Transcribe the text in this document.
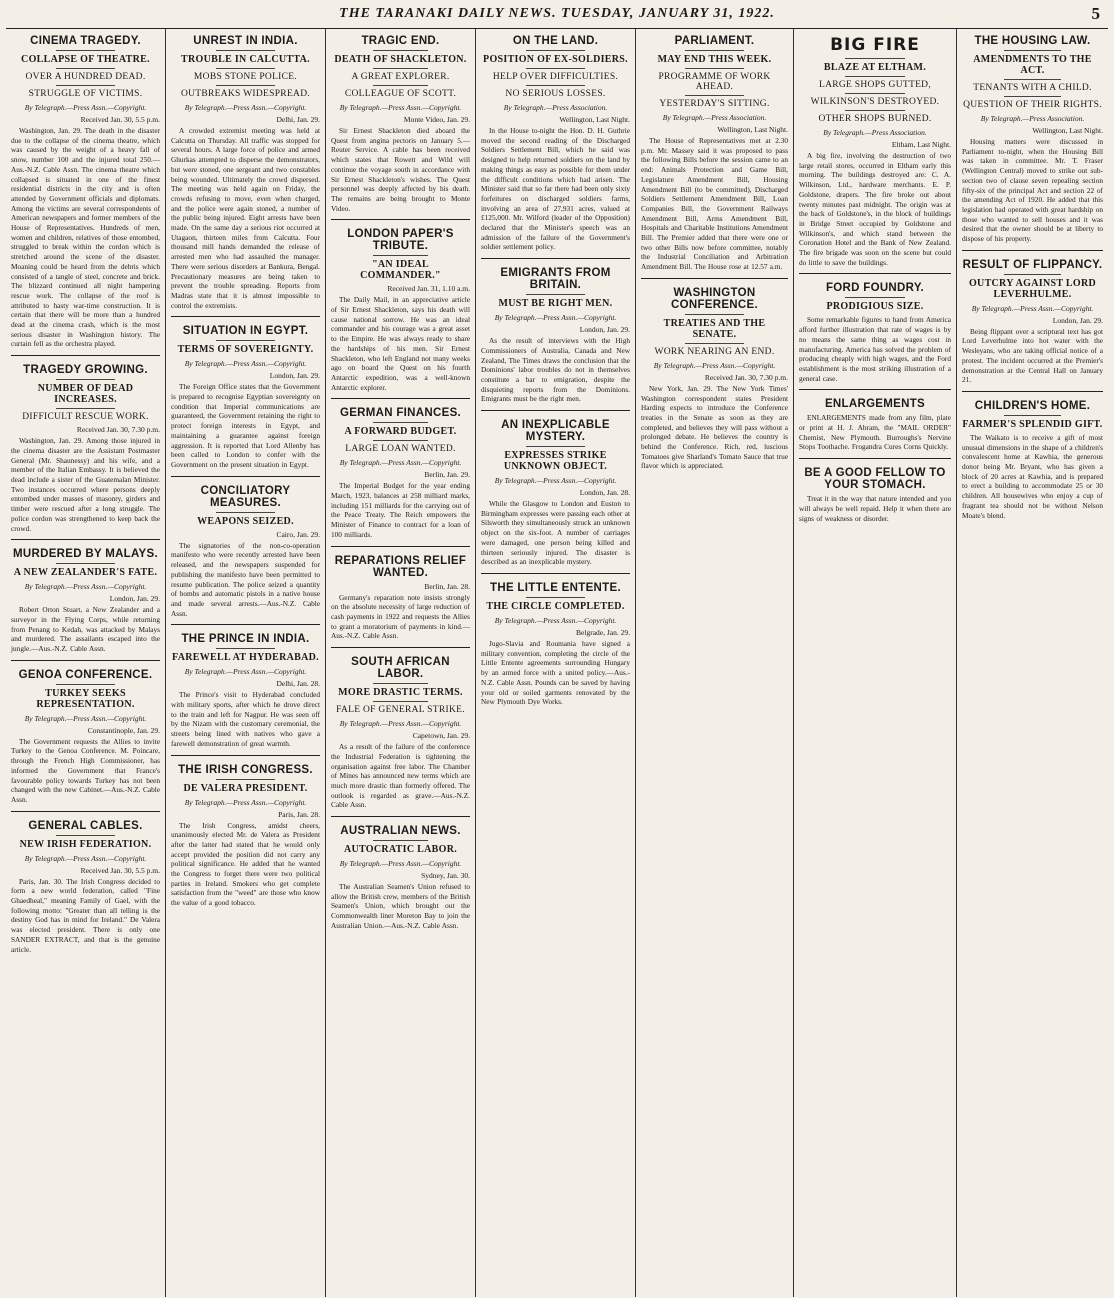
THE TARANAKI DAILY NEWS. TUESDAY, JANUARY 31, 1922.	5
CINEMA TRAGEDY.
COLLAPSE OF THEATRE.
OVER A HUNDRED DEAD.
STRUGGLE OF VICTIMS.
By Telegraph.—Press Assn.—Copyright.
Received Jan. 30, 5.5 p.m.

Washington, Jan. 29. The death in the disaster due to the collapse of the cinema theatre, which was caused by the weight of a heavy fall of snow, number 100 and the injured total 250.—Aus.-N.Z. Cable Assn. The cinema theatre which collapsed is situated in one of the finest residential districts in the city and is often attended by Government officials and diplomats. Among the victims are several correspondents of American newspapers and former members of the House of Representatives. Hundreds of men, women and children, relatives of those entombed, struggled to break within the cordon which is stretched around the scene of the disaster. Moaning could be heard from the debris which consisted of a tangle of steel, concrete and brick. The blizzard continued all night hampering rescue work. The collapse of the roof is attributed to hasty war-time construction. It is certain that there will be more than a hundred dead at the cinema crash, which is the most serious disaster in Washington history. The curtain fell as the orchestra played.

TRAGEDY GROWING.
NUMBER OF DEAD INCREASES.
DIFFICULT RESCUE WORK.
Received Jan. 30, 7.30 p.m.

Washington, Jan. 29. Among those injured in the cinema disaster are the Assistant Postmaster General (Mr. Shaunessy) and his wife, and a member of the Italian Embassy. It is believed the dead include a sister of the Guatemalan Minister. Two instances occurred where persons deeply entombed under masses of masonry, girders and timber were rescued after a long struggle. The police cordon was strengthened to keep back the crowd.

MURDERED BY MALAYS.
A NEW ZEALANDER'S FATE.
By Telegraph.—Press Assn.—Copyright.
London, Jan. 29.

Robert Orton Stuart, a New Zealander and a surveyor in the Flying Corps, while returning from Penang to Kedah, was attacked by Malays and murdered. The assailants escaped into the jungle.—Aus.-N.Z. Cable Assn.

GENOA CONFERENCE.
TURKEY SEEKS REPRESENTATION.
By Telegraph.—Press Assn.—Copyright.
Constantinople, Jan. 29.

The Government requests the Allies to invite Turkey to the Genoa Conference. M. Poincare, through the French High Commissioner, has informed the Government that France's favourable policy towards Turkey has not been changed with the new Cabinet.—Aus.-N.Z. Cable Assn.

GENERAL CABLES.
NEW IRISH FEDERATION.
By Telegraph.—Press Assn.—Copyright.
Received Jan. 30, 5.5 p.m.

Paris, Jan. 30. The Irish Congress decided to form a new world federation, called "Fine Ghaedheal," meaning Family of Gael, with the following motto: "Greater than all telling is the destiny God has in mind for Ireland." De Valera was elected president. There is only one SANDER EXTRACT, and that is the genuine article.

UNREST IN INDIA.
TROUBLE IN CALCUTTA.
MOBS STONE POLICE.
OUTBREAKS WIDESPREAD.
By Telegraph.—Press Assn.—Copyright.
Delhi, Jan. 29.

A crowded extremist meeting was held at Calcutta on Thursday. All traffic was stopped for several hours. A large force of police and armed Ghurkas attempted to disperse the demonstrators, but were stoned, one sergeant and two constables being wounded. Ultimately the crowd dispersed. The meeting was held again on Friday, the crowds refusing to move, even when charged, and the police were again stoned, a number of the public being injured. Eight arrests have been made. On the same day a serious riot occurred at Utagaon, thirteen miles from Calcutta. Four thousand mill hands demanded the release of arrested men who had assaulted the manager. There were serious disorders at Bankura, Bengal. Precautionary measures are being taken to prevent the trouble spreading. Reports from Madras state that it is almost impossible to control the extremists.

SITUATION IN EGYPT.
TERMS OF SOVEREIGNTY.
By Telegraph.—Press Assn.—Copyright.
London, Jan. 29.

The Foreign Office states that the Government is prepared to recognise Egyptian sovereignty on condition that Imperial communications are guaranteed, the Government retaining the right to protect foreign interests in Egypt, and maintaining a guarantee against foreign aggression. It is reported that Lord Allenby has been called to London to confer with the Government on the present situation in Egypt.

CONCILIATORY MEASURES.
WEAPONS SEIZED.
Cairo, Jan. 29.

The signatories of the non-co-operation manifesto who were recently arrested have been released, and the newspapers suspended for publishing the manifesto have been permitted to resume publication. The police seized a quantity of bombs and automatic pistols in a native house and made several arrests.—Aus.-N.Z. Cable Assn.

THE PRINCE IN INDIA.
FAREWELL AT HYDERABAD.
By Telegraph.—Press Assn.—Copyright.
Delhi, Jan. 28.

The Prince's visit to Hyderabad concluded with military sports, after which he drove direct to the train and left for Nagpur. He was seen off by the Nizam with the customary ceremonial, the streets being lined with natives who gave a farewell demonstration of great warmth.

THE IRISH CONGRESS.
DE VALERA PRESIDENT.
By Telegraph.—Press Assn.—Copyright.
Paris, Jan. 28.

The Irish Congress, amidst cheers, unanimously elected Mr. de Valera as President after the latter had stated that he would only accept provided the position did not carry any political significance. He added that he wanted the Congress to forget there were two political parties in Ireland. Smokers who get complete satisfaction from the "weed" are those who know the value of a good tobacco.

TRAGIC END.
DEATH OF SHACKLETON.
A GREAT EXPLORER.
COLLEAGUE OF SCOTT.
By Telegraph.—Press Assn.—Copyright.
Monte Video, Jan. 29.

Sir Ernest Shackleton died aboard the Quest from angina pectoris on January 5.—Reuter Service. A cable has been received which states that Rowett and Wild will continue the voyage south in accordance with Sir Ernest Shackleton's wishes. The Quest personnel was deeply affected by his death. The remains are being brought to Monte Video.

LONDON PAPER'S TRIBUTE.
"AN IDEAL COMMANDER."
Received Jan. 31, 1.10 a.m.

The Daily Mail, in an appreciative article of Sir Ernest Shackleton, says his death will cause national sorrow. He was an ideal commander and his courage was a great asset to the Empire. He was always ready to share the hardships of his men. Sir Ernest Shackleton, who left England not many weeks ago on board the Quest on his fourth Antarctic expedition, was a well-known Antarctic explorer.

GERMAN FINANCES.
A FORWARD BUDGET.
LARGE LOAN WANTED.
By Telegraph.—Press Assn.—Copyright.
Berlin, Jan. 29.

The Imperial Budget for the year ending March, 1923, balances at 258 milliard marks, including 151 milliards for the carrying out of the Peace Treaty. The Reich empowers the Minister of Finance to contract for a loan of 100 milliards.

REPARATIONS RELIEF WANTED.
Berlin, Jan. 28.

Germany's reparation note insists strongly on the absolute necessity of large reduction of cash payments in 1922 and requests the Allies to grant a moratorium of payments in kind.—Aus.-N.Z. Cable Assn.

SOUTH AFRICAN LABOR.
MORE DRASTIC TERMS.
FALE OF GENERAL STRIKE.
By Telegraph.—Press Assn.—Copyright.
Capetown, Jan. 29.

As a result of the failure of the conference the Industrial Federation is tightening the organisation against free labor. The Chamber of Mines has announced new terms which are much more drastic than formerly offered. The outlook is regarded as grave.—Aus.-N.Z. Cable Assn.

AUSTRALIAN NEWS.
AUTOCRATIC LABOR.
By Telegraph.—Press Assn.—Copyright.
Sydney, Jan. 30.

The Australian Seamen's Union refused to allow the British crew, members of the British Seamen's Union, which brought out the Commonwealth liner Moreton Bay to join the Australian Union.—Aus.-N.Z. Cable Assn.

ON THE LAND.
POSITION OF EX-SOLDIERS.
HELP OVER DIFFICULTIES.
NO SERIOUS LOSSES.
By Telegraph.—Press Association.
Wellington, Last Night.

In the House to-night the Hon. D. H. Guthrie moved the second reading of the Discharged Soldiers Settlement Bill, which he said was designed to help returned soldiers on the land by making things as easy as possible for them under the difficult conditions which had arisen. The Minister said that so far there had been only sixty forfeitures on discharged soldiers farms, involving an area of 27,931 acres, valued at £125,000. Mr. Wilford (leader of the Opposition) declared that the Minister's speech was an admission of the failure of the Government's soldier settlement policy.

EMIGRANTS FROM BRITAIN.
MUST BE RIGHT MEN.
By Telegraph.—Press Assn.—Copyright.
London, Jan. 29.

As the result of interviews with the High Commissioners of Australia, Canada and New Zealand, The Times draws the conclusion that the Dominions' labor troubles do not in themselves constitute a bar to emigration, despite the disquieting reports from the Dominions. Emigrants must be the right men.

AN INEXPLICABLE MYSTERY.
EXPRESSES STRIKE UNKNOWN OBJECT.
By Telegraph.—Press Assn.—Copyright.
London, Jan. 28.

While the Glasgow to London and Euston to Birmingham expresses were passing each other at Silsworth they simultaneously struck an unknown object on the six-foot. A number of carriages were damaged, one person being killed and thirteen seriously injured. The disaster is described as an inexplicable mystery.

THE LITTLE ENTENTE.
THE CIRCLE COMPLETED.
By Telegraph.—Press Assn.—Copyright.
Belgrade, Jan. 29.

Jugo-Slavia and Roumania have signed a military convention, completing the circle of the Little Entente agreements surrounding Hungary by an armed force with a united policy.—Aus.-N.Z. Cable Assn. Pounds can be saved by having your old or soiled garments renovated by the New Plymouth Dye Works.

PARLIAMENT.
MAY END THIS WEEK.
PROGRAMME OF WORK AHEAD.
YESTERDAY'S SITTING.
By Telegraph.—Press Association.
Wellington, Last Night.

The House of Representatives met at 2.30 p.m. Mr. Massey said it was proposed to pass the following Bills before the session came to an end: Animals Protection and Game Bill, Legislature Amendment Bill, Housing Amendment Bill (to be committed), Discharged Soldiers Settlement Amendment Bill, Loan Companies Bill, the Government Railways Amendment Bill, Arms Amendment Bill, Hospitals and Charitable Institutions Amendment Bill. The Premier added that there were one or two other Bills now before committee, notably the Industrial Conciliation and Arbitration Amendment Bill. The House rose at 12.57 a.m.

WASHINGTON CONFERENCE.
TREATIES AND THE SENATE.
WORK NEARING AN END.
By Telegraph.—Press Assn.—Copyright.
Received Jan. 30, 7.30 p.m.

New York, Jan. 29. The New York Times' Washington correspondent states President Harding expects to introduce the Conference treaties in the Senate as soon as they are completed, and believes they will pass without a prolonged debate. He believes the country is behind the Conference. Rich, red, luscious Tomatoes give Sharland's Tomato Sauce that true flavor which is appreciated.

BIG FIRE
BLAZE AT ELTHAM.
LARGE SHOPS GUTTED,
WILKINSON'S DESTROYED.
OTHER SHOPS BURNED.
By Telegraph.—Press Association.
Eltham, Last Night.

A big fire, involving the destruction of two large retail stores, occurred in Eltham early this morning. The buildings destroyed are: C. A. Wilkinson, Ltd., hardware merchants. E. P. Goldstone, drapers. The fire broke out about twenty minutes past midnight. The origin was at the back of Goldstone's, in the block of buildings in Bridge Street occupied by Goldstone and Wilkinson's, and which stand between the Coronation Hotel and the Bank of New Zealand. The fire brigade was soon on the scene but could do little to save the buildings.

FORD FOUNDRY.
PRODIGIOUS SIZE.

Some remarkable figures to hand from America afford further illustration that rate of wages is by no means the same thing as wages cost in manufacturing. America has solved the problem of producing cheaply with high wages, and the Ford establishment is the most striking illustration of a general case.

ENLARGEMENTS

ENLARGEMENTS made from any film, plate or print at H. J. Abram, the "MAIL ORDER" Chemist, New Plymouth. Burroughs's Nervine Stops Toothache. Frogandra Cures Corns Quickly.

BE A GOOD FELLOW TO YOUR STOMACH.

Treat it in the way that nature intended and you will always be well repaid. Help it when there are signs of weakness or disorder.

THE HOUSING LAW.
AMENDMENTS TO THE ACT.
TENANTS WITH A CHILD.
QUESTION OF THEIR RIGHTS.
By Telegraph.—Press Association.
Wellington, Last Night.

Housing matters were discussed in Parliament to-night, when the Housing Bill was taken in committee. Mr. T. Fraser (Wellington Central) moved to strike out sub-section two of clause seven repealing section fifty-six of the principal Act and section 22 of the amending Act of 1920. He added that this legislation had operated with great hardship on those who wanted to sell houses and it was desired that the owner should be at liberty to dispose of his property.

RESULT OF FLIPPANCY.
OUTCRY AGAINST LORD LEVERHULME.
By Telegraph.—Press Assn.—Copyright.
London, Jan. 29.

Being flippant over a scriptural text has got Lord Leverhulme into hot water with the Wesleyans, who are taking official notice of a protest. The incident occurred at the Premier's demonstration at the Central Hall on January 21.

CHILDREN'S HOME.
FARMER'S SPLENDID GIFT.

The Waikato is to receive a gift of most unusual dimensions in the shape of a children's convalescent home at Kawhia, the generous donor being Mr. Bryant, who has given a block of 20 acres at Kawhia, and is prepared to erect a building to accommodate 25 or 30 children. All housewives who enjoy a cup of fragrant tea should not be without Nelson Moate's blend.
